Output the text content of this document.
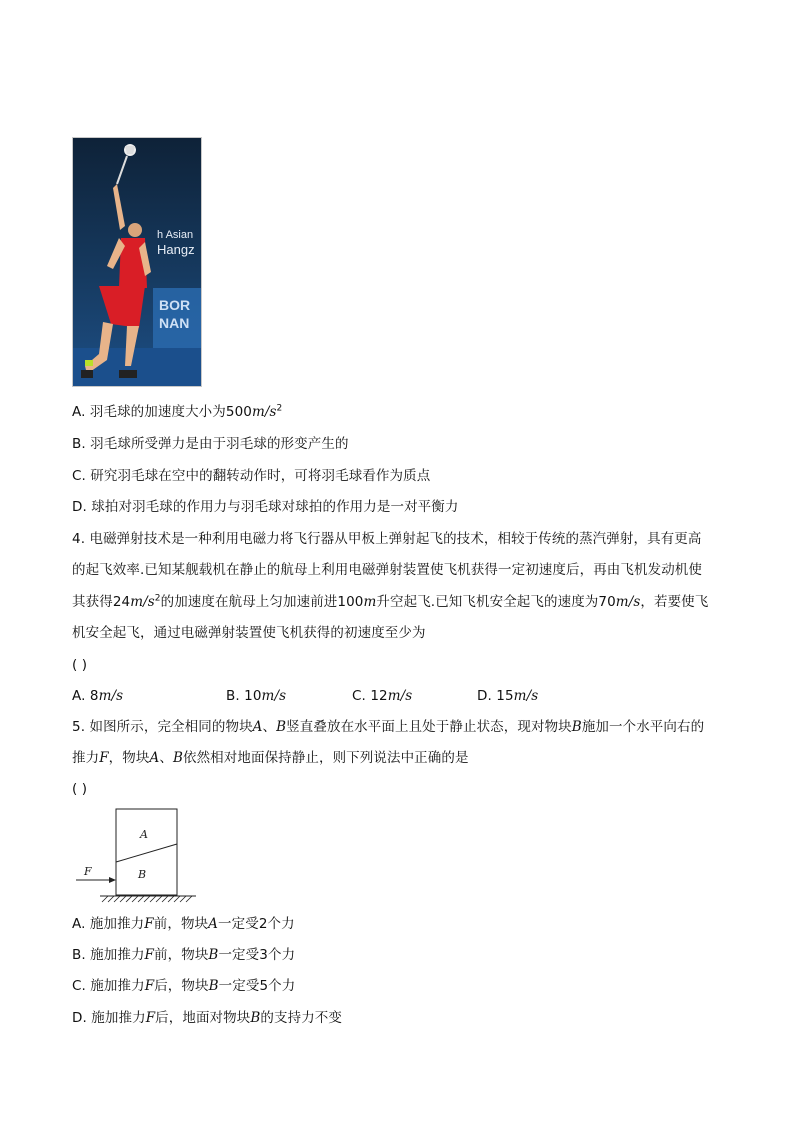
h Asian
Hangz
BOR
NAN
A. 羽毛球的加速度大小为$500m/s^2$
B. 羽毛球所受弹力是由于羽毛球的形变产生的
C. 研究羽毛球在空中的翻转动作时，可将羽毛球看作为质点
D. 球拍对羽毛球的作用力与羽毛球对球拍的作用力是一对平衡力
4. 电磁弹射技术是一种利用电磁力将飞行器从甲板上弹射起飞的技术，相较于传统的蒸汽弹射，具有更高
的起飞效率.已知某舰载机在静止的航母上利用电磁弹射装置使飞机获得一定初速度后，再由飞机发动机使
其获得$24m/s^2$的加速度在航母上匀加速前进100m升空起飞.已知飞机安全起飞的速度为70m/s，若要使飞
机安全起飞，通过电磁弹射装置使飞机获得的初速度至少为
( )
A. 8m/s	B. 10m/s	C. 12m/s	D. 15m/s
5. 如图所示，完全相同的物块A、B竖直叠放在水平面上且处于静止状态，现对物块B施加一个水平向右的
推力F，物块A、B依然相对地面保持静止，则下列说法中正确的是
( )
A
B
F
A. 施加推力F前，物块A一定受2个力
B. 施加推力F前，物块B一定受3个力
C. 施加推力F后，物块B一定受5个力
D. 施加推力F后，地面对物块B的支持力不变
